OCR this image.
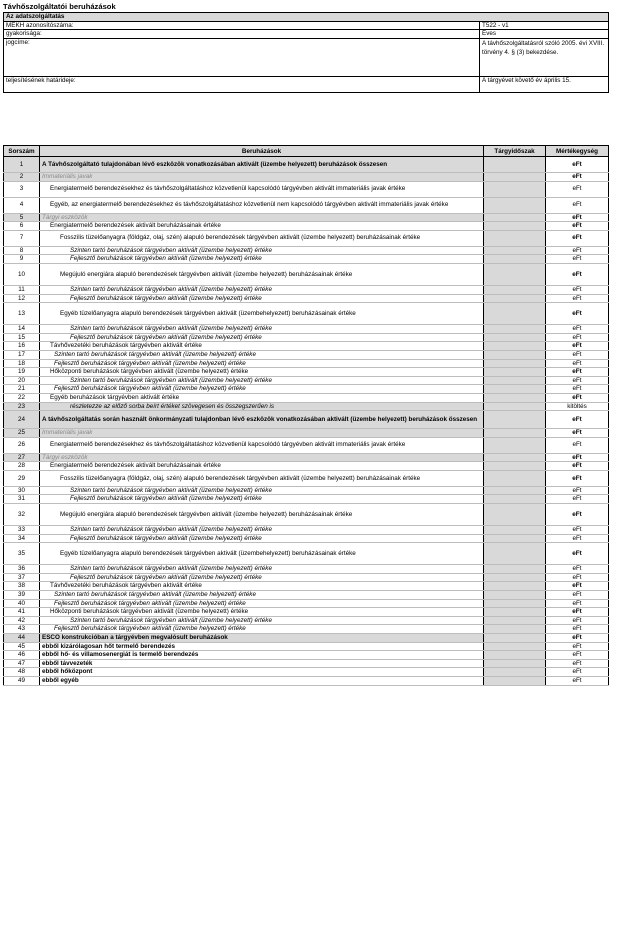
Távhőszolgáltatói beruházások
Az adatszolgáltatás	
MEKH azonosítószáma:	T522 - v1
gyakorisága:	Éves
jogcíme:	A távhőszolgáltatásról szóló 2005. évi XVIII. törvény 4. § (3) bekezdése.
teljesítésének határideje:	A tárgyévet követő év április 15.

Sorszám	Beruházások	Tárgyidőszak	Mértékegység
1	A Távhőszolgáltató tulajdonában lévő eszközök vonatkozásában aktivált (üzembe helyezett) beruházások összesen		eFt
2	Immateriális javak		eFt
3	Energiatermelő berendezésekhez és távhőszolgáltatáshoz közvetlenül kapcsolódó tárgyévben aktivált immateriális javak értéke		eFt
4	Egyéb, az energiatermelő berendezésekhez és távhőszolgáltatáshoz közvetlenül nem kapcsolódó tárgyévben aktivált immateriális javak értéke		eFt
5	Tárgyi eszközök		eFt
6	Energiatermelő berendezések aktivált beruházásainak értéke		eFt
7	Fosszilis tüzelőanyagra (földgáz, olaj, szén) alapuló berendezések tárgyévben aktivált (üzembe helyezett) beruházásainak értéke		eFt
8	Szinten tartó beruházások tárgyévben aktivált (üzembe helyezett) értéke		eFt
9	Fejlesztő beruházások tárgyévben aktivált (üzembe helyezett) értéke		eFt
10	Megújuló energiára alapuló berendezések tárgyévben aktivált (üzembe helyezett) beruházásainak értéke		eFt
11	Szinten tartó beruházások tárgyévben aktivált (üzembe helyezett) értéke		eFt
12	Fejlesztő beruházások tárgyévben aktivált (üzembe helyezett) értéke		eFt
13	Egyéb tüzelőanyagra alapuló berendezések tárgyévben aktivált (üzembehelyezett) beruházásainak értéke		eFt
14	Szinten tartó beruházások tárgyévben aktivált (üzembe helyezett) értéke		eFt
15	Fejlesztő beruházások tárgyévben aktivált (üzembe helyezett) értéke		eFt
16	Távhővezetéki beruházások tárgyévben aktivált értéke		eFt
17	Szinten tartó beruházások tárgyévben aktivált (üzembe helyezett) értéke		eFt
18	Fejlesztő beruházások tárgyévben aktivált (üzembe helyezett) értéke		eFt
19	Hőközponti beruházások tárgyévben aktivált (üzembe helyezett) értéke		eFt
20	Szinten tartó beruházások tárgyévben aktivált (üzembe helyezett) értéke		eFt
21	Fejlesztő beruházások tárgyévben aktivált (üzembe helyezett) értéke		eFt
22	Egyéb beruházások tárgyévben aktivált értéke		eFt
23	részletezze az előző sorba beírt értéket szövegesen és összegszerűen is		kitöltés
24	A távhőszolgáltatás során használt önkormányzati tulajdonban lévő eszközök vonatkozásában aktivált (üzembe helyezett) beruházások összesen		eFt
25	Immateriális javak		eFt
26	Energiatermelő berendezésekhez és távhőszolgáltatáshoz közvetlenül kapcsolódó tárgyévben aktivált immateriális javak értéke		eFt
27	Tárgyi eszközök		eFt
28	Energiatermelő berendezések aktivált beruházásainak értéke		eFt
29	Fosszilis tüzelőanyagra (földgáz, olaj, szén) alapuló berendezések tárgyévben aktivált (üzembe helyezett) beruházásainak értéke		eFt
30	Szinten tartó beruházások tárgyévben aktivált (üzembe helyezett) értéke		eFt
31	Fejlesztő beruházások tárgyévben aktivált (üzembe helyezett) értéke		eFt
32	Megújuló energiára alapuló berendezések tárgyévben aktivált (üzembe helyezett) beruházásainak értéke		eFt
33	Szinten tartó beruházások tárgyévben aktivált (üzembe helyezett) értéke		eFt
34	Fejlesztő beruházások tárgyévben aktivált (üzembe helyezett) értéke		eFt
35	Egyéb tüzelőanyagra alapuló berendezések tárgyévben aktivált (üzembehelyezett) beruházásainak értéke		eFt
36	Szinten tartó beruházások tárgyévben aktivált (üzembe helyezett) értéke		eFt
37	Fejlesztő beruházások tárgyévben aktivált (üzembe helyezett) értéke		eFt
38	Távhővezetéki beruházások tárgyévben aktivált értéke		eFt
39	Szinten tartó beruházások tárgyévben aktivált (üzembe helyezett) értéke		eFt
40	Fejlesztő beruházások tárgyévben aktivált (üzembe helyezett) értéke		eFt
41	Hőközponti beruházások tárgyévben aktivált (üzembe helyezett) értéke		eFt
42	Szinten tartó beruházások tárgyévben aktivált (üzembe helyezett) értéke		eFt
43	Fejlesztő beruházások tárgyévben aktivált (üzembe helyezett) értéke		eFt
44	ESCO konstrukcióban a tárgyévben megvalósult beruházások		eFt
45	ebből kizárólagosan hőt termelő berendezés		eFt
46	ebből hő- és villamosenergiát is termelő berendezés		eFt
47	ebből távvezeték		eFt
48	ebből hőközpont		eFt
49	ebből egyéb		eFt
